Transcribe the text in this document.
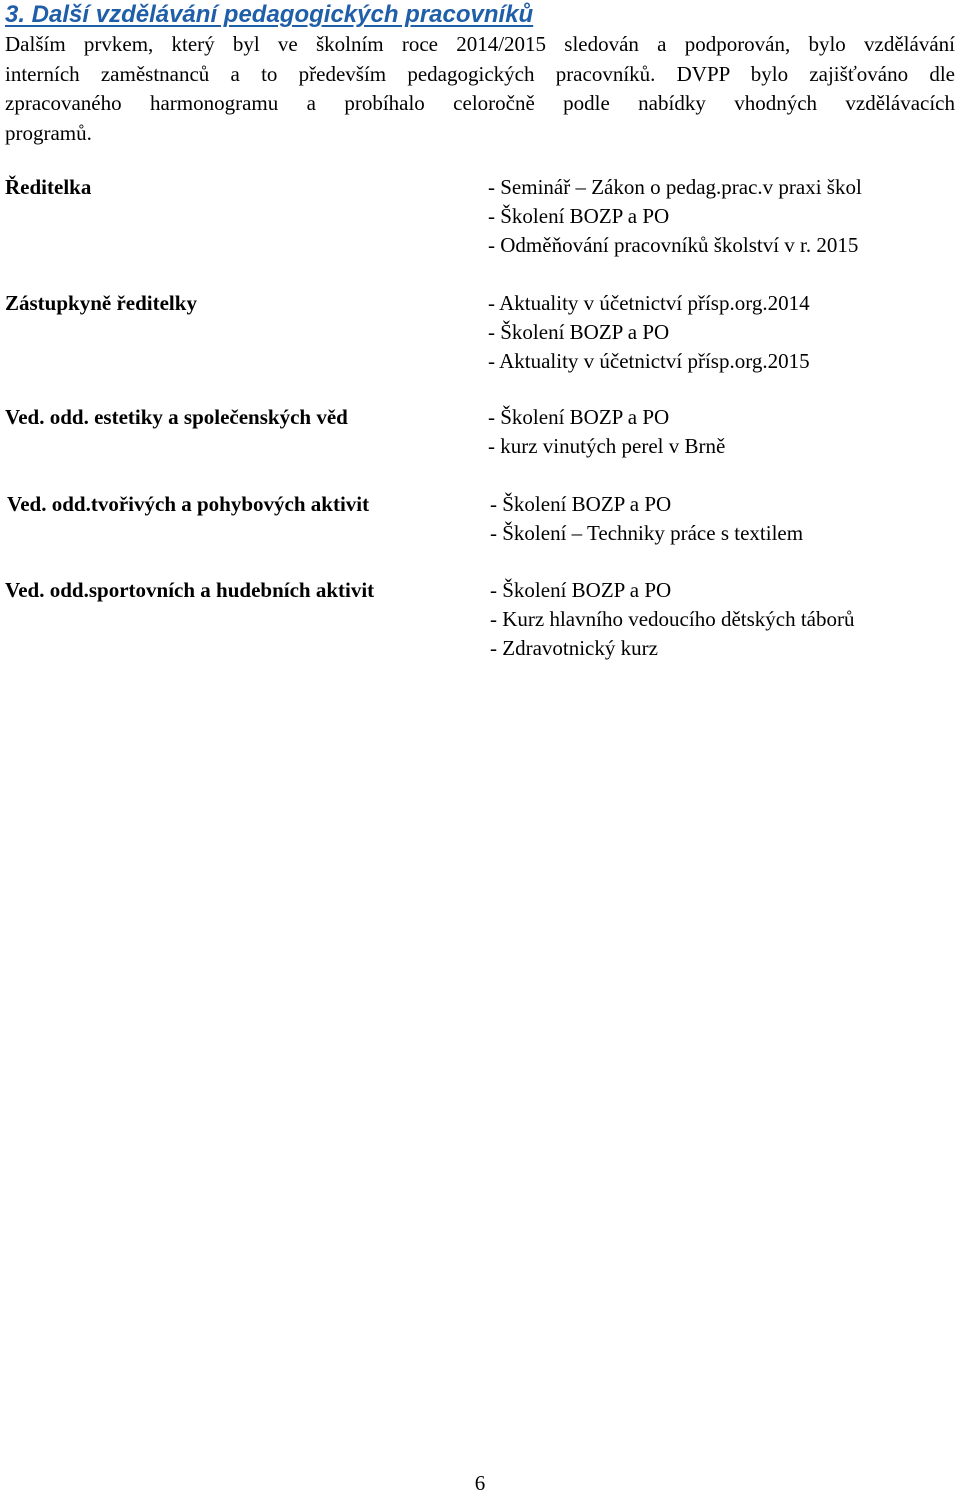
3. Další vzdělávání pedagogických pracovníků
Dalším prvkem, který byl ve školním roce 2014/2015 sledován a podporován, bylo vzdělávání
interních zaměstnanců a to především pedagogických pracovníků. DVPP bylo zajišťováno dle
zpracovaného harmonogramu a probíhalo celoročně podle nabídky vhodných vzdělávacích
programů.
Ředitelka	- Seminář – Zákon o pedag.prac.v praxi škol
- Školení BOZP a PO
- Odměňování pracovníků školství v r. 2015
Zástupkyně ředitelky	- Aktuality v účetnictví přísp.org.2014
- Školení BOZP a PO
- Aktuality v účetnictví přísp.org.2015
Ved. odd. estetiky a společenských věd	- Školení BOZP a PO
- kurz vinutých perel v Brně
Ved. odd.tvořivých a pohybových aktivit	- Školení BOZP a PO
- Školení – Techniky práce s textilem
Ved. odd.sportovních a hudebních aktivit	- Školení BOZP a PO
- Kurz hlavního vedoucího dětských táborů
- Zdravotnický kurz
6
